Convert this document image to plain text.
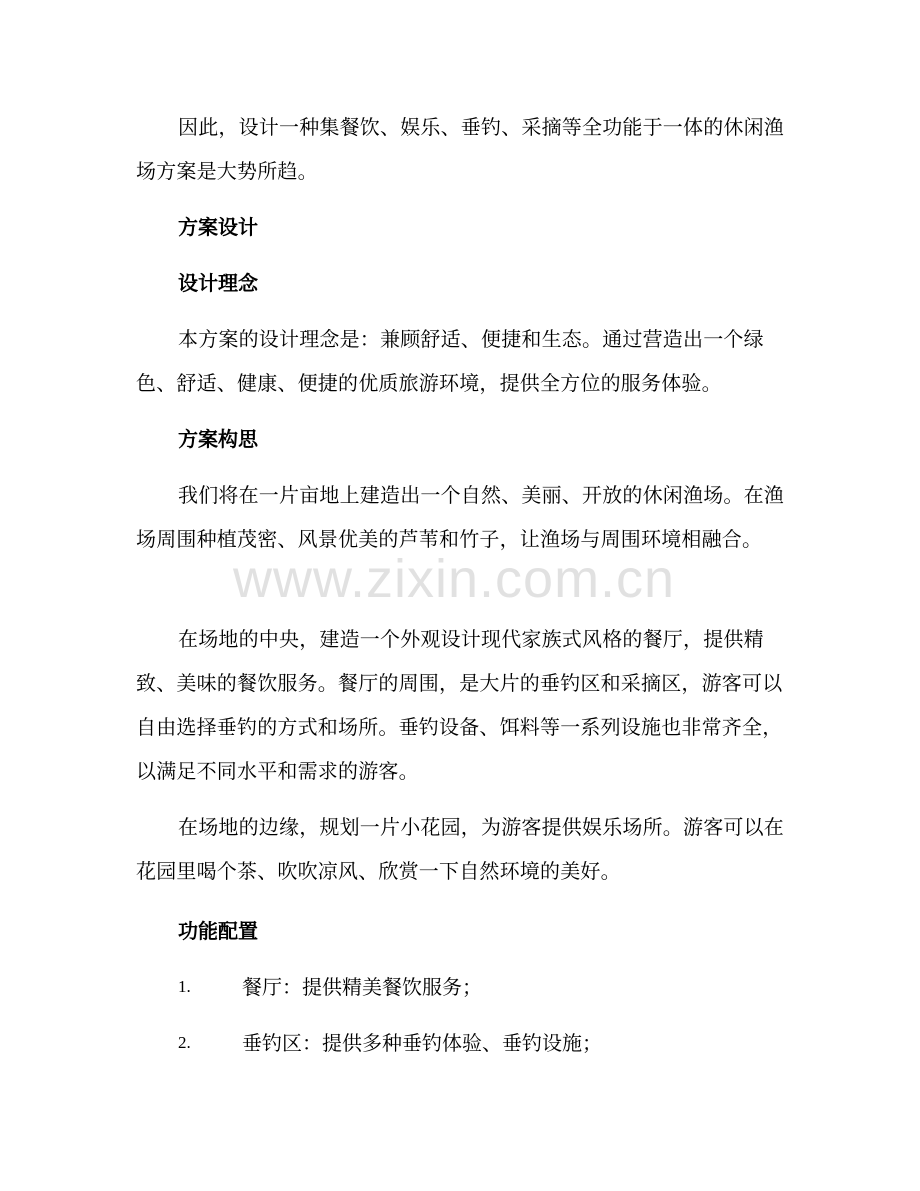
因此，设计一种集餐饮、娱乐、垂钓、采摘等全功能于一体的休闲渔场方案是大势所趋。

方案设计
设计理念

本方案的设计理念是：兼顾舒适、便捷和生态。通过营造出一个绿色、舒适、健康、便捷的优质旅游环境，提供全方位的服务体验。

方案构思

我们将在一片亩地上建造出一个自然、美丽、开放的休闲渔场。在渔场周围种植茂密、风景优美的芦苇和竹子，让渔场与周围环境相融合。

在场地的中央，建造一个外观设计现代家族式风格的餐厅，提供精致、美味的餐饮服务。餐厅的周围，是大片的垂钓区和采摘区，游客可以自由选择垂钓的方式和场所。垂钓设备、饵料等一系列设施也非常齐全，以满足不同水平和需求的游客。

在场地的边缘，规划一片小花园，为游客提供娱乐场所。游客可以在花园里喝个茶、吹吹凉风、欣赏一下自然环境的美好。

功能配置
1.	餐厅：提供精美餐饮服务；
2.	垂钓区：提供多种垂钓体验、垂钓设施；
www.zixin.com.cn
